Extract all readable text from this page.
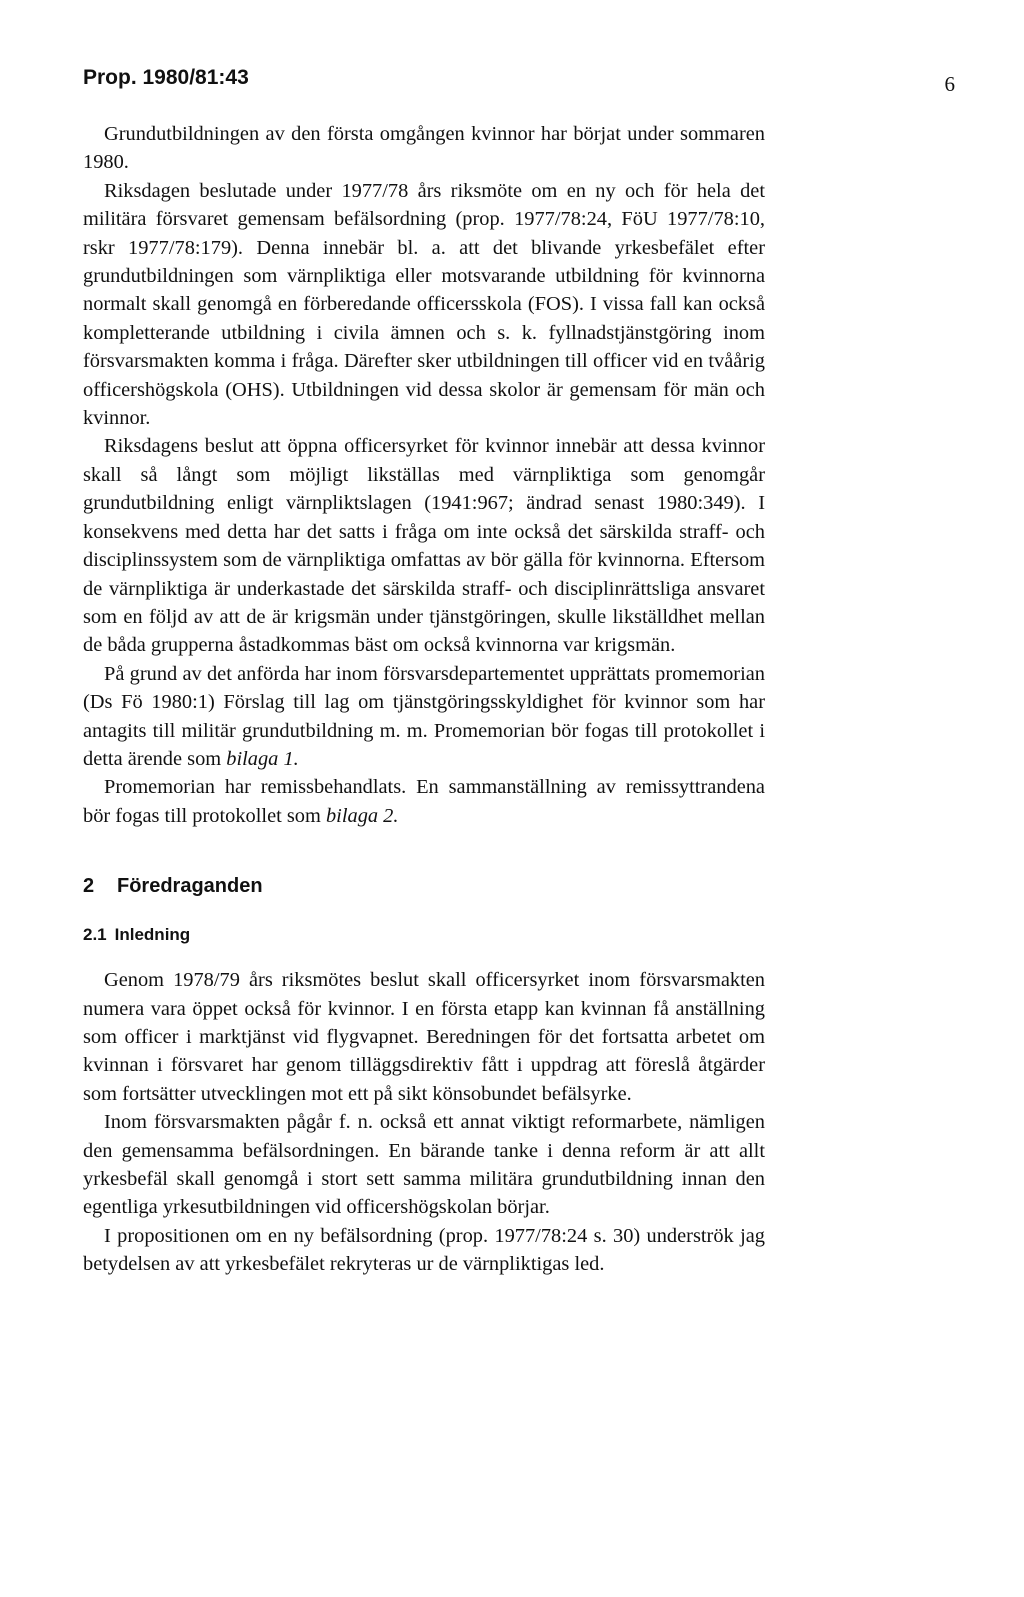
Prop. 1980/81:43	6

Grundutbildningen av den första omgången kvinnor har börjat under sommaren 1980.

Riksdagen beslutade under 1977/78 års riksmöte om en ny och för hela det militära försvaret gemensam befälsordning (prop. 1977/78:24, FöU 1977/78:10, rskr 1977/78:179). Denna innebär bl. a. att det blivande yrkesbefälet efter grundutbildningen som värnpliktiga eller motsvarande utbildning för kvinnorna normalt skall genomgå en förberedande officersskola (FOS). I vissa fall kan också kompletterande utbildning i civila ämnen och s. k. fyllnadstjänstgöring inom försvarsmakten komma i fråga. Därefter sker utbildningen till officer vid en tvåårig officershögskola (OHS). Utbildningen vid dessa skolor är gemensam för män och kvinnor.

Riksdagens beslut att öppna officersyrket för kvinnor innebär att dessa kvinnor skall så långt som möjligt likställas med värnpliktiga som genomgår grundutbildning enligt värnpliktslagen (1941:967; ändrad senast 1980:349). I konsekvens med detta har det satts i fråga om inte också det särskilda straff- och disciplinssystem som de värnpliktiga omfattas av bör gälla för kvinnorna. Eftersom de värnpliktiga är underkastade det särskilda straff- och disciplinrättsliga ansvaret som en följd av att de är krigsmän under tjänstgöringen, skulle likställdhet mellan de båda grupperna åstadkommas bäst om också kvinnorna var krigsmän.

På grund av det anförda har inom försvarsdepartementet upprättats promemorian (Ds Fö 1980:1) Förslag till lag om tjänstgöringsskyldighet för kvinnor som har antagits till militär grundutbildning m. m. Promemorian bör fogas till protokollet i detta ärende som bilaga 1.

Promemorian har remissbehandlats. En sammanställning av remissyttrandena bör fogas till protokollet som bilaga 2.

2 Föredraganden
2.1 Inledning

Genom 1978/79 års riksmötes beslut skall officersyrket inom försvarsmakten numera vara öppet också för kvinnor. I en första etapp kan kvinnan få anställning som officer i marktjänst vid flygvapnet. Beredningen för det fortsatta arbetet om kvinnan i försvaret har genom tilläggsdirektiv fått i uppdrag att föreslå åtgärder som fortsätter utvecklingen mot ett på sikt könsobundet befälsyrke.

Inom försvarsmakten pågår f. n. också ett annat viktigt reformarbete, nämligen den gemensamma befälsordningen. En bärande tanke i denna reform är att allt yrkesbefäl skall genomgå i stort sett samma militära grundutbildning innan den egentliga yrkesutbildningen vid officershögskolan börjar.

I propositionen om en ny befälsordning (prop. 1977/78:24 s. 30) underströk jag betydelsen av att yrkesbefälet rekryteras ur de värnpliktigas led.
